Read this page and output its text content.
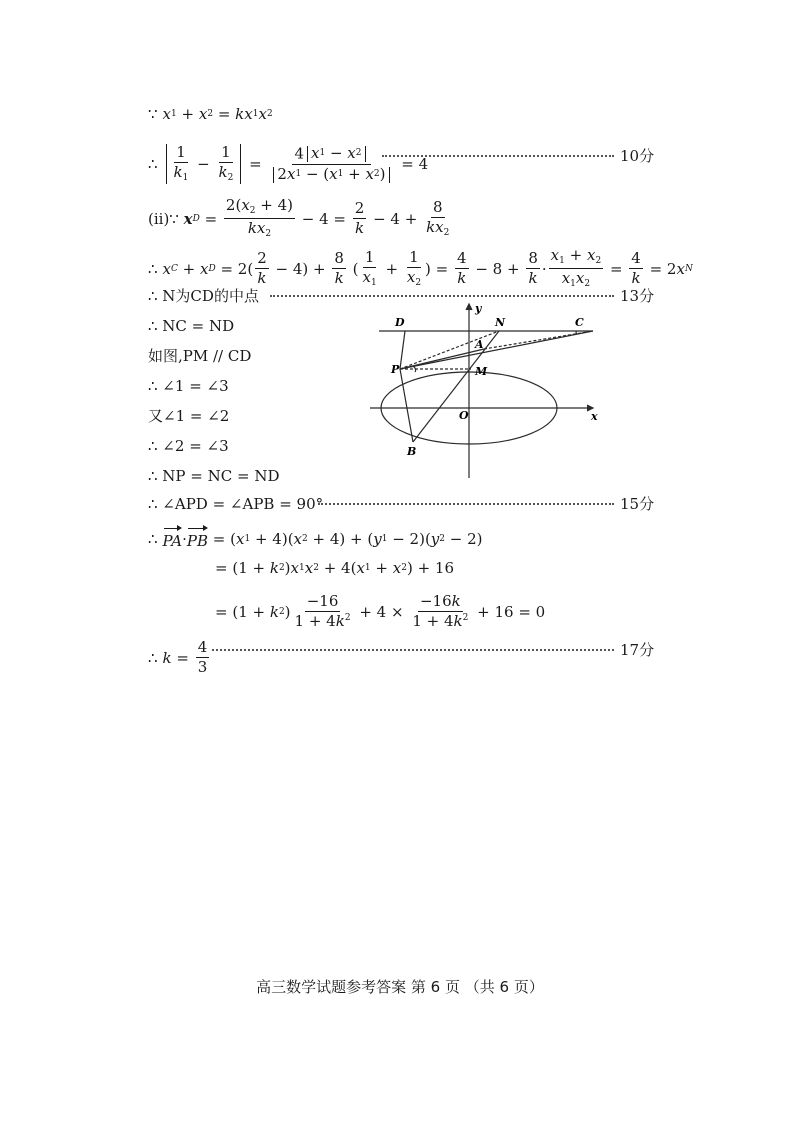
∵ x 1 + x 2 = kx 1 x 2
∴ $\frac{1}{k_1} - \frac{1}{k_2} = \frac{4 x 1 - x 2}{2 x 1 - ( x 1 + x 2 )}$
= 4	10分
(ii)∵
x $D = \frac{2(x_2 + 4)}{kx_2} - 4 = \frac{2}{k} - 4 + \frac{8}{kx_2}$
∴ x C + x $D = 2( \frac{2}{k} - 4) + \frac{8}{k}$ ( $\frac{1}{x_1} + \frac{1}{x_2}$ ) = $\frac{4}{k} - 8 + \frac{8}{k} \cdot \frac{x_1 + x_2}{x_1x_2} = \frac{4}{k} = 2$ x N
∴ N为CD的中点	13分
∴ NC = ND
如图,PM // CD
∴ ∠1 = ∠3
又∠1 = ∠2
∴ ∠2 = ∠3
∴ NP = NC = ND
∴ ∠APD = ∠APB = 90°	15分
∴ PA · PB = ( x 1 + 4)( x 2 + 4) + ( y 1 − 2)( y 2 − 2)
= (1 + k 2 ) x 1 x 2 + 4( x 1 + x 2 ) + 16
= (1 + k 2 ) $\frac{-16}{1 + 4k^2} + 4 \times \frac{-16k}{1 + 4k^2} + 16 = 0$
∴ $k = \frac{4}{3}$	17分
D	N	C
A
P	M
O
B
x
y
高三数学试题参考答案 第 6 页 （共 6 页）
